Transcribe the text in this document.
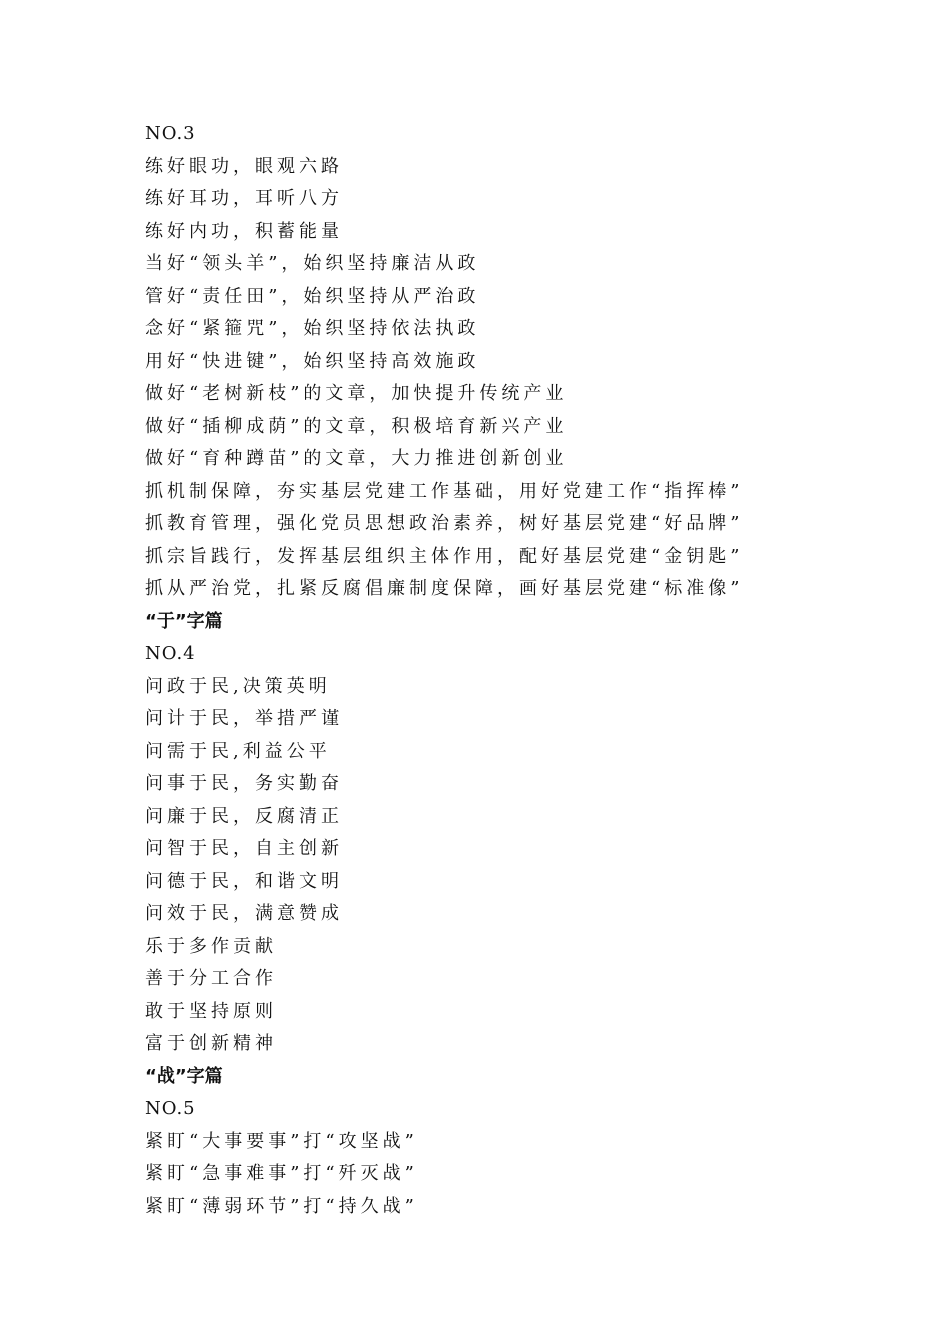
NO.3
练好眼功，眼观六路
练好耳功，耳听八方
练好内功，积蓄能量
当好“领头羊”，始织坚持廉洁从政
管好“责任田”，始织坚持从严治政
念好“紧箍咒”，始织坚持依法执政
用好“快进键”，始织坚持高效施政
做好“老树新枝”的文章，加快提升传统产业
做好“插柳成荫”的文章，积极培育新兴产业
做好“育种蹲苗”的文章，大力推进创新创业
抓机制保障，夯实基层党建工作基础，用好党建工作“指挥棒”
抓教育管理，强化党员思想政治素养，树好基层党建“好品牌”
抓宗旨践行，发挥基层组织主体作用，配好基层党建“金钥匙”
抓从严治党，扎紧反腐倡廉制度保障，画好基层党建“标准像”
“于”字篇
NO.4
问政于民,决策英明
问计于民，举措严谨
问需于民,利益公平
问事于民，务实勤奋
问廉于民，反腐清正
问智于民，自主创新
问德于民，和谐文明
问效于民，满意赞成
乐于多作贡献
善于分工合作
敢于坚持原则
富于创新精神
“战”字篇
NO.5
紧盯“大事要事”打“攻坚战”
紧盯“急事难事”打“歼灭战”
紧盯“薄弱环节”打“持久战”
